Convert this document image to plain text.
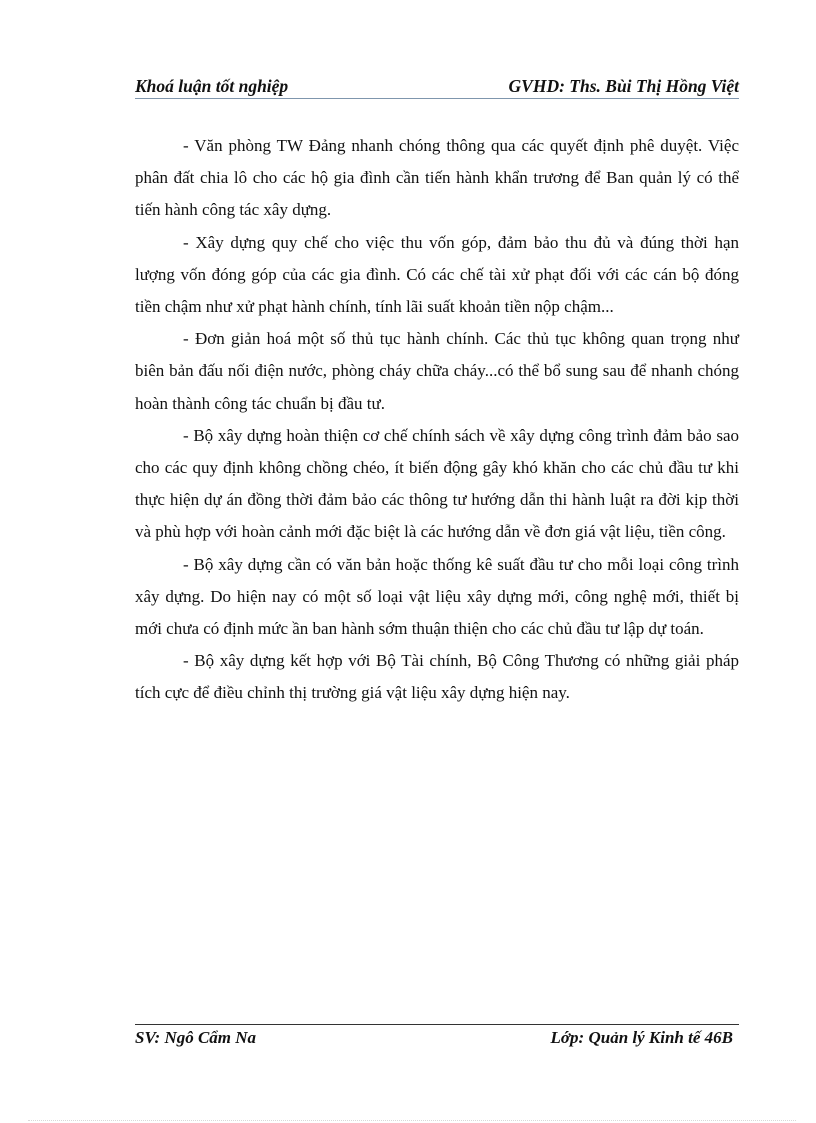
Khoá luận tốt nghiệp	GVHD: Ths. Bùi Thị Hồng Việt

- Văn phòng TW Đảng nhanh chóng thông qua các quyết định phê duyệt. Việc phân đất chia lô cho các hộ gia đình cần tiến hành khẩn trương để Ban quản lý có thể tiến hành công tác xây dựng.

- Xây dựng quy chế cho việc thu vốn góp, đảm bảo thu đủ và đúng thời hạn lượng vốn đóng góp của các gia đình. Có các chế tài xử phạt đối với các cán bộ đóng tiền chậm như xử phạt hành chính, tính lãi suất khoản tiền nộp chậm...

- Đơn giản hoá một số thủ tục hành chính. Các thủ tục không quan trọng như biên bản đấu nối điện nước, phòng cháy chữa cháy...có thể bổ sung sau để nhanh chóng hoàn thành công tác chuẩn bị đầu tư.

- Bộ xây dựng hoàn thiện cơ chế chính sách về xây dựng công trình đảm bảo sao cho các quy định không chồng chéo, ít biến động gây khó khăn cho các chủ đầu tư khi thực hiện dự án đồng thời đảm bảo các thông tư hướng dẫn thi hành luật ra đời kịp thời và phù hợp với hoàn cảnh mới đặc biệt là các hướng dẫn về đơn giá vật liệu, tiền công.

- Bộ xây dựng cần có văn bản hoặc thống kê suất đầu tư cho mỗi loại công trình xây dựng. Do hiện nay có một số loại vật liệu xây dựng mới, công nghệ mới, thiết bị mới chưa có định mức ần ban hành sớm thuận thiện cho các chủ đầu tư lập dự toán.

- Bộ xây dựng kết hợp với Bộ Tài chính, Bộ Công Thương có những giải pháp tích cực để điều chỉnh thị trường giá vật liệu xây dựng hiện nay.

SV: Ngô Cẩm Na	Lớp: Quản lý Kinh tế 46B
